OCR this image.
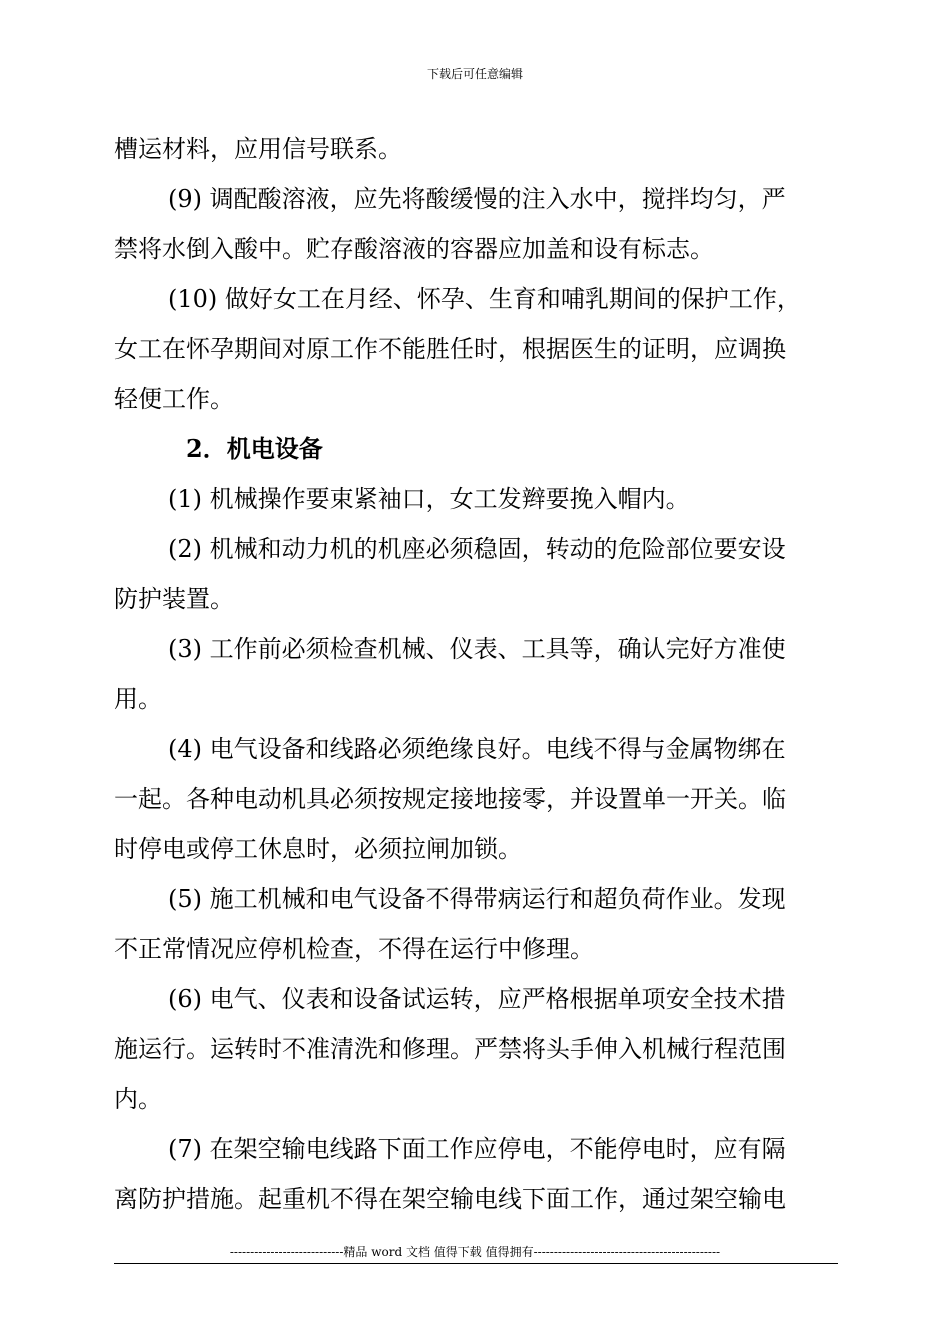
下载后可任意编辑
槽运材料，应用信号联系。
(9) 调配酸溶液，应先将酸缓慢的注入水中，搅拌均匀，严
禁将水倒入酸中。贮存酸溶液的容器应加盖和设有标志。
(10) 做好女工在月经、怀孕、生育和哺乳期间的保护工作，
女工在怀孕期间对原工作不能胜任时，根据医生的证明，应调换
轻便工作。
2．机电设备
(1) 机械操作要束紧袖口，女工发辫要挽入帽内。
(2) 机械和动力机的机座必须稳固，转动的危险部位要安设
防护装置。
(3) 工作前必须检查机械、仪表、工具等，确认完好方准使
用。
(4) 电气设备和线路必须绝缘良好。电线不得与金属物绑在
一起。各种电动机具必须按规定接地接零，并设置单一开关。临
时停电或停工休息时，必须拉闸加锁。
(5) 施工机械和电气设备不得带病运行和超负荷作业。发现
不正常情况应停机检查，不得在运行中修理。
(6) 电气、仪表和设备试运转，应严格根据单项安全技术措
施运行。运转时不准清洗和修理。严禁将头手伸入机械行程范围
内。
(7) 在架空输电线路下面工作应停电，不能停电时，应有隔
离防护措施。起重机不得在架空输电线下面工作，通过架空输电
----------------------------精品 word 文档 值得下载 值得拥有----------------------------------------------
